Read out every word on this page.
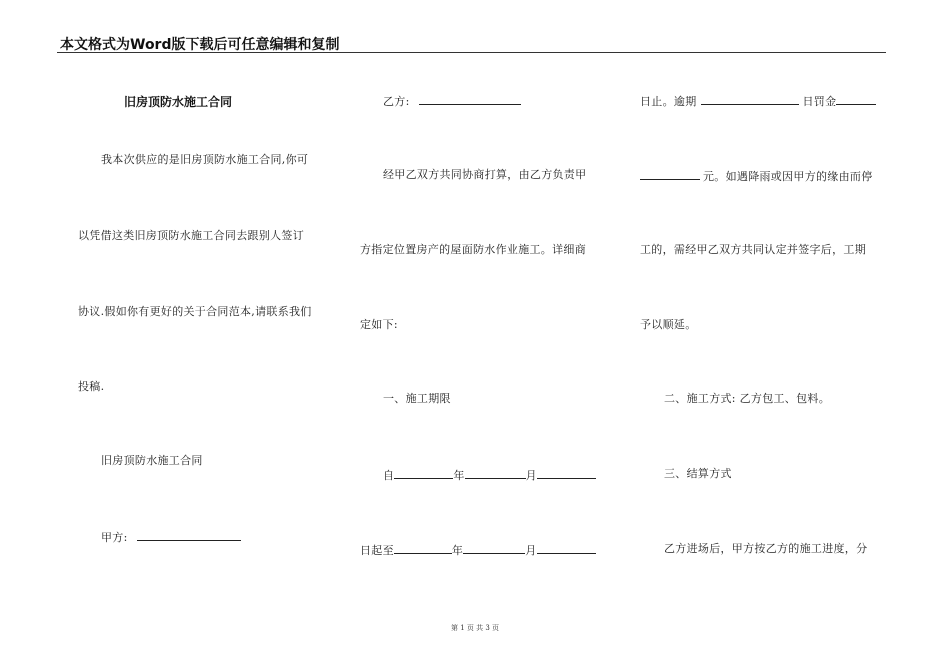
本文格式为Word版下载后可任意编辑和复制
旧房顶防水施工合同
我本次供应的是旧房顶防水施工合同,你可
以凭借这类旧房顶防水施工合同去跟别人签订
协议.假如你有更好的关于合同范本,请联系我们
投稿.
旧房顶防水施工合同
甲方:
乙方:
经甲乙双方共同协商打算，由乙方负责甲
方指定位置房产的屋面防水作业施工。详细商
定如下:
一、施工期限
自	年	月
日起至	年	月
日止。逾期	日罚金
元。如遇降雨或因甲方的缘由而停
工的，需经甲乙双方共同认定并签字后，工期
予以顺延。
二、施工方式: 乙方包工、包料。
三、结算方式
乙方进场后，甲方按乙方的施工进度，分
第 1 页 共 3 页
